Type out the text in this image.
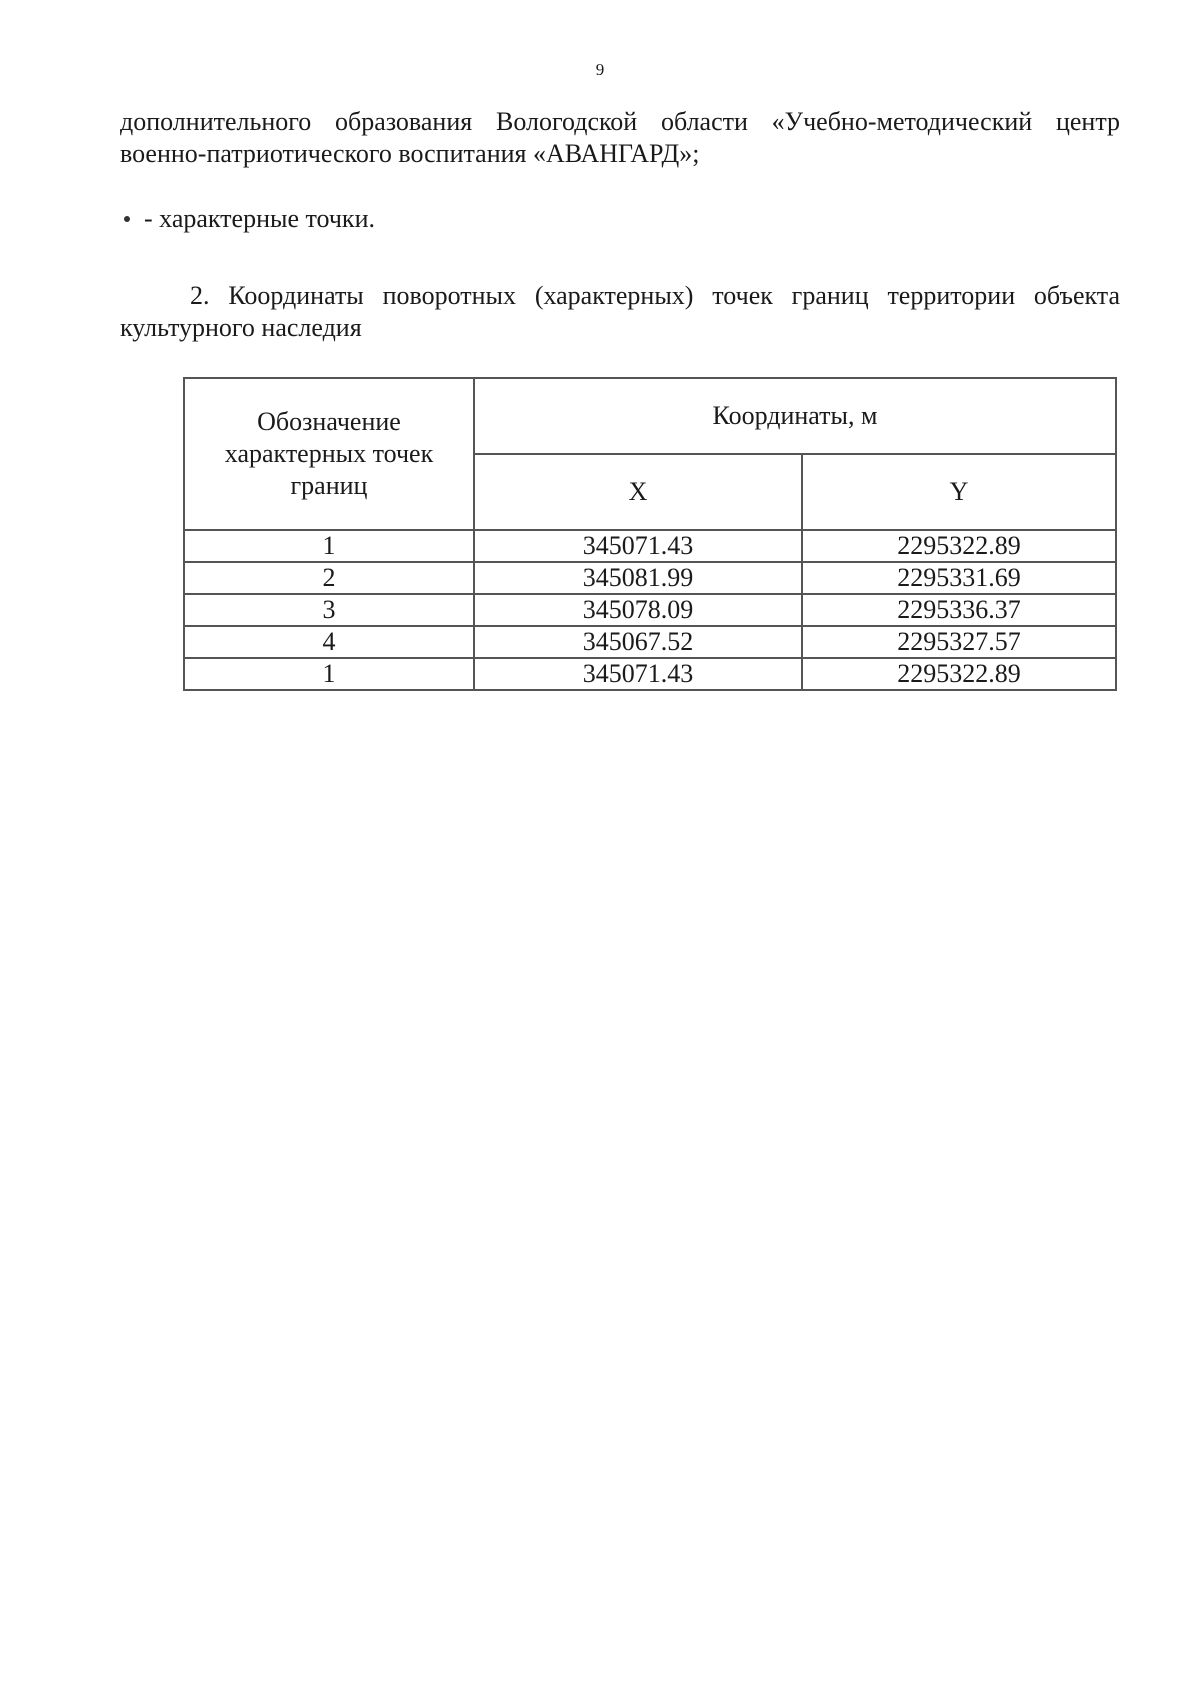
9
дополнительного образования Вологодской области «Учебно-методический центр военно-патриотического воспитания «АВАНГАРД»;
- характерные точки.
2. Координаты поворотных (характерных) точек границ территории объекта культурного наследия
Обозначение характерных точек границ	Координаты, м	
	X	Y
1	345071.43	2295322.89
2	345081.99	2295331.69
3	345078.09	2295336.37
4	345067.52	2295327.57
1	345071.43	2295322.89
